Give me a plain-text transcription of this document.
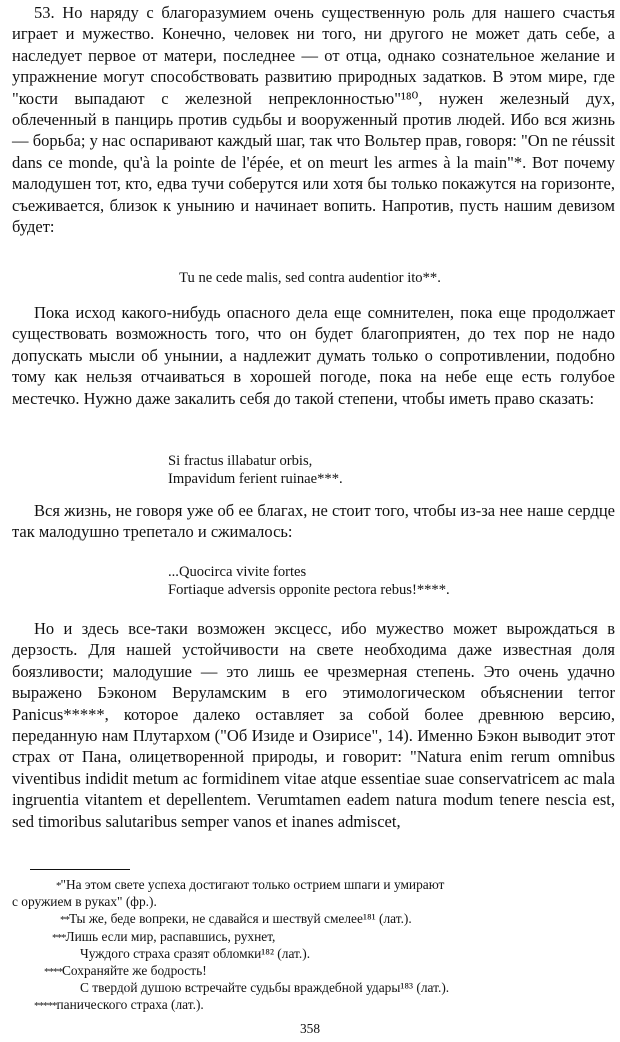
53. Но наряду с благоразумием очень существенную роль для нашего счастья играет и мужество. Конечно, человек ни того, ни другого не может дать себе, а наследует первое от матери, последнее — от отца, однако сознательное желание и упражнение могут способствовать развитию природных задатков. В этом мире, где "кости выпадают с железной непреклонностью"¹⁸⁰, нужен железный дух, облеченный в панцирь против судьбы и вооруженный против людей. Ибо вся жизнь — борьба; у нас оспаривают каждый шаг, так что Вольтер прав, говоря: "On ne réussit dans ce monde, qu'à la pointe de l'épée, et on meurt les armes à la main"*. Вот почему малодушен тот, кто, едва тучи соберутся или хотя бы только покажутся на горизонте, съеживается, близок к унынию и начинает вопить. Напротив, пусть нашим девизом будет:

Tu ne cede malis, sed contra audentior ito**.

Пока исход какого-нибудь опасного дела еще сомнителен, пока еще продолжает существовать возможность того, что он будет благоприятен, до тех пор не надо допускать мысли об унынии, а надлежит думать только о сопротивлении, подобно тому как нельзя отчаиваться в хорошей погоде, пока на небе еще есть голубое местечко. Нужно даже закалить себя до такой степени, чтобы иметь право сказать:

Si fractus illabatur orbis,
Impavidum ferient ruinae***.

Вся жизнь, не говоря уже об ее благах, не стоит того, чтобы из-за нее наше сердце так малодушно трепетало и сжималось:

...Quocirca vivite fortes
Fortiaque adversis opponite pectora rebus!****.

Но и здесь все-таки возможен эксцесс, ибо мужество может вырождаться в дерзость. Для нашей устойчивости на свете необходима даже известная доля боязливости; малодушие — это лишь ее чрезмерная степень. Это очень удачно выражено Бэконом Веруламским в его этимологическом объяснении terror Panicus*****, которое далеко оставляет за собой более древнюю версию, переданную нам Плутархом ("Об Изиде и Озирисе", 14). Именно Бэкон выводит этот страх от Пана, олицетворенной природы, и говорит: "Natura enim rerum omnibus viventibus indidit metum ac formidinem vitae atque essentiae suae conservatricem ac mala ingruentia vitantem et depellentem. Verumtamen eadem natura modum tenere nescia est, sed timoribus salutaribus semper vanos et inanes admiscet,

*"На этом свете успеха достигают только острием шпаги и умирают

с оружием в руках" (фр.).

**Ты же, беде вопреки, не сдавайся и шествуй смелее¹⁸¹ (лат.).

***Лишь если мир, распавшись, рухнет,

Чуждого страха сразят обломки¹⁸² (лат.).

****Сохраняйте же бодрость!

С твердой душою встречайте судьбы враждебной удары¹⁸³ (лат.).

*****панического страха (лат.).

358
